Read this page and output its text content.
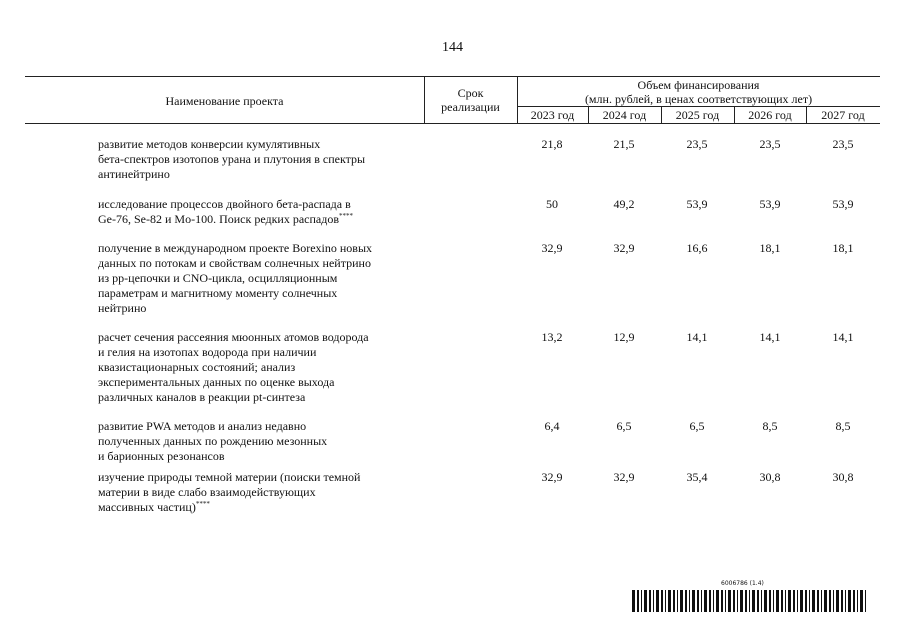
144
Наименование проекта
Срок
реализации
Объем финансирования
(млн. рублей, в ценах соответствующих лет)
2023 год	2024 год	2025 год	2026 год	2027 год
развитие методов конверсии кумулятивных
бета-спектров изотопов урана и плутония в спектры
антинейтрино
21,8	21,5	23,5	23,5	23,5
исследование процессов двойного бета-распада в
Ge-76, Se-82 и Mo-100. Поиск редких распадов****
50	49,2	53,9	53,9	53,9
получение в международном проекте Borexino новых
данных по потокам и свойствам солнечных нейтрино
из pp-цепочки и CNO-цикла, осцилляционным
параметрам и магнитному моменту солнечных
нейтрино
32,9	32,9	16,6	18,1	18,1
расчет сечения рассеяния мюонных атомов водорода
и гелия на изотопах водорода при наличии
квазистационарных состояний; анализ
экспериментальных данных по оценке выхода
различных каналов в реакции pt-синтеза
13,2	12,9	14,1	14,1	14,1
развитие PWA методов и анализ недавно
полученных данных по рождению мезонных
и барионных резонансов
6,4	6,5	6,5	8,5	8,5
изучение природы темной материи (поиски темной
материи в виде слабо взаимодействующих
массивных частиц)****
32,9	32,9	35,4	30,8	30,8
6006786 (1.4)
